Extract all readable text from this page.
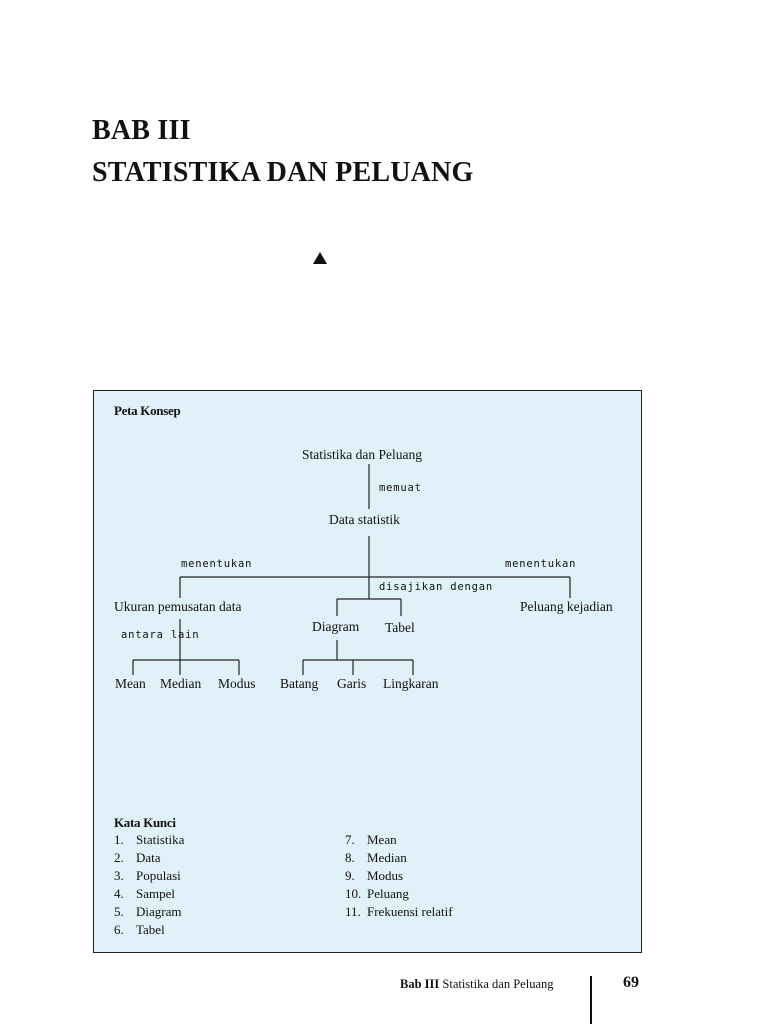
BAB III
STATISTIKA DAN PELUANG
Peta Konsep
Statistika dan Peluang
memuat
Data statistik
menentukan	menentukan
disajikan dengan
Ukuran pemusatan data	Peluang kejadian
antara lain
Diagram Tabel
Mean Median Modus Batang Garis Lingkaran
Kata Kunci
1. Statistika
2. Data
3. Populasi
4. Sampel
5. Diagram
6. Tabel
7. Mean
8. Median
9. Modus
10. Peluang
11. Frekuensi relatif
Bab III Statistika dan Peluang	69
